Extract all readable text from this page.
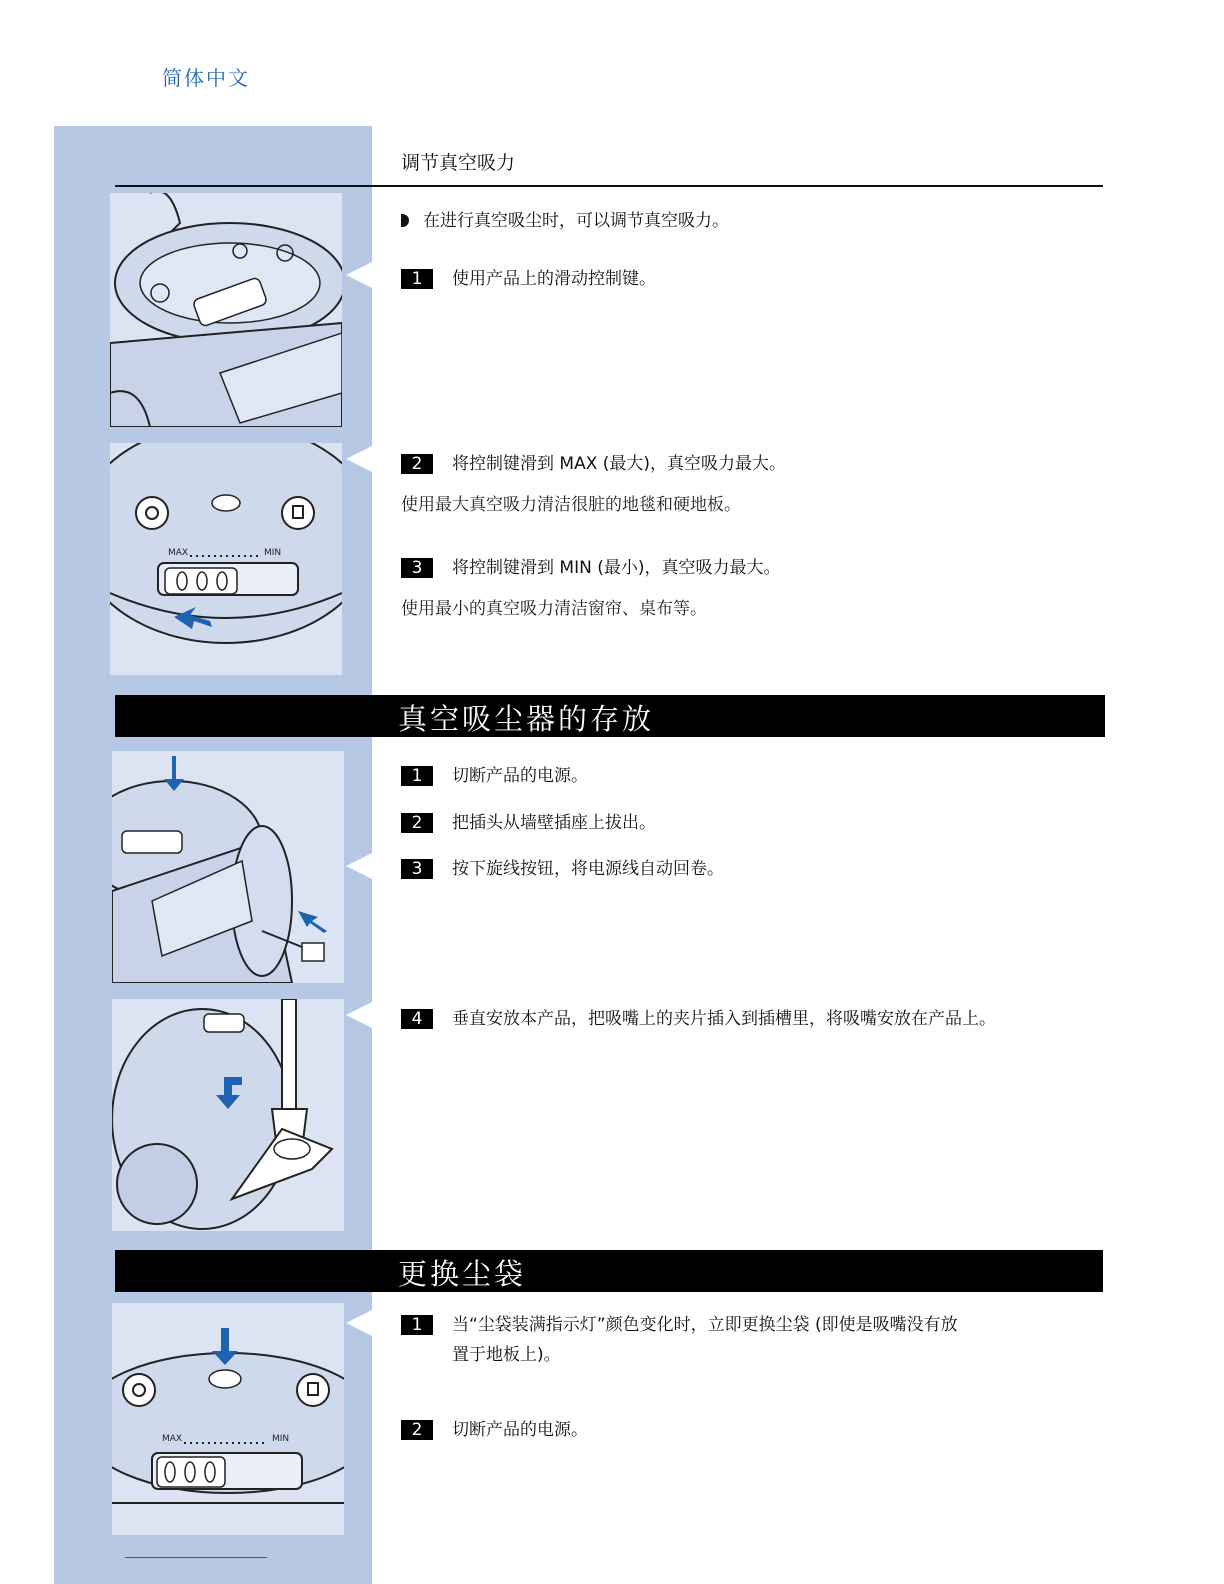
简体中文
调节真空吸力
MAX	MIN
在进行真空吸尘时，可以调节真空吸力。
1	使用产品上的滑动控制键。
2	将控制键滑到 MAX (最大)，真空吸力最大。
使用最大真空吸力清洁很脏的地毯和硬地板。
3	将控制键滑到 MIN (最小)，真空吸力最大。
使用最小的真空吸力清洁窗帘、桌布等。
真空吸尘器的存放
1	切断产品的电源。
2	把插头从墙壁插座上拔出。
3	按下旋线按钮，将电源线自动回卷。
4	垂直安放本产品，把吸嘴上的夹片插入到插槽里，将吸嘴安放在产品上。
更换尘袋
MAX	MIN
1	当“尘袋装满指示灯”颜色变化时，立即更换尘袋 (即使是吸嘴没有放
置于地板上)。
2	切断产品的电源。
